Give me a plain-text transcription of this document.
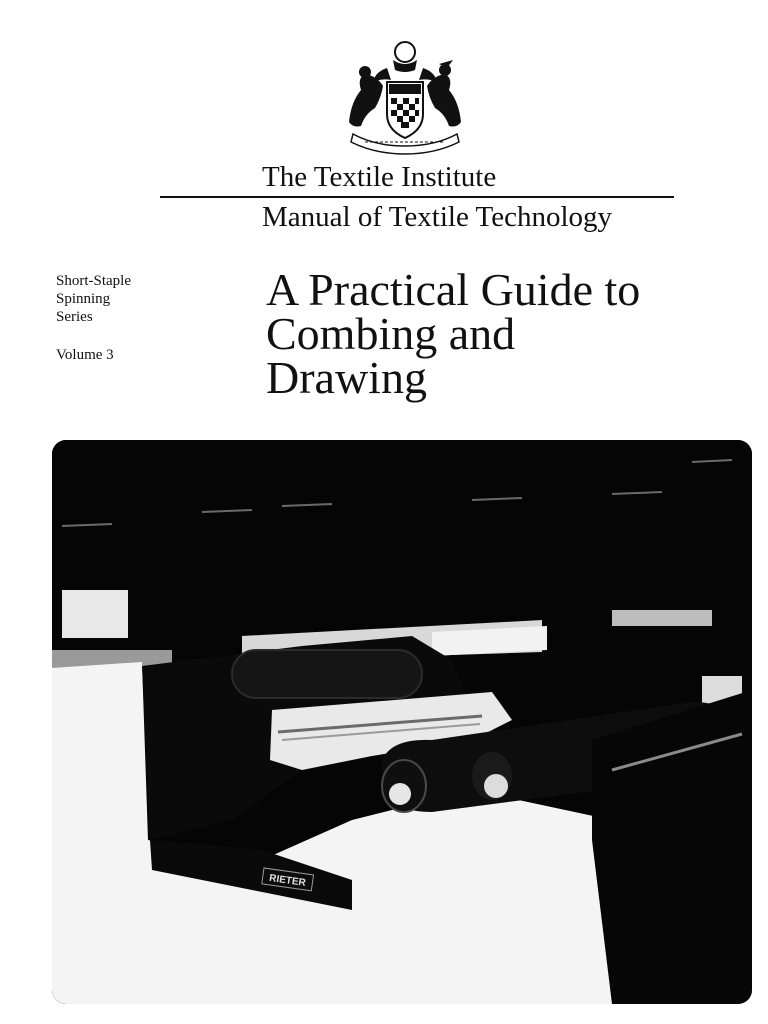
The Textile Institute
Manual of Textile Technology
Short-Staple
Spinning
Series
Volume 3
A Practical Guide to
Combing and
Drawing
RIETER
